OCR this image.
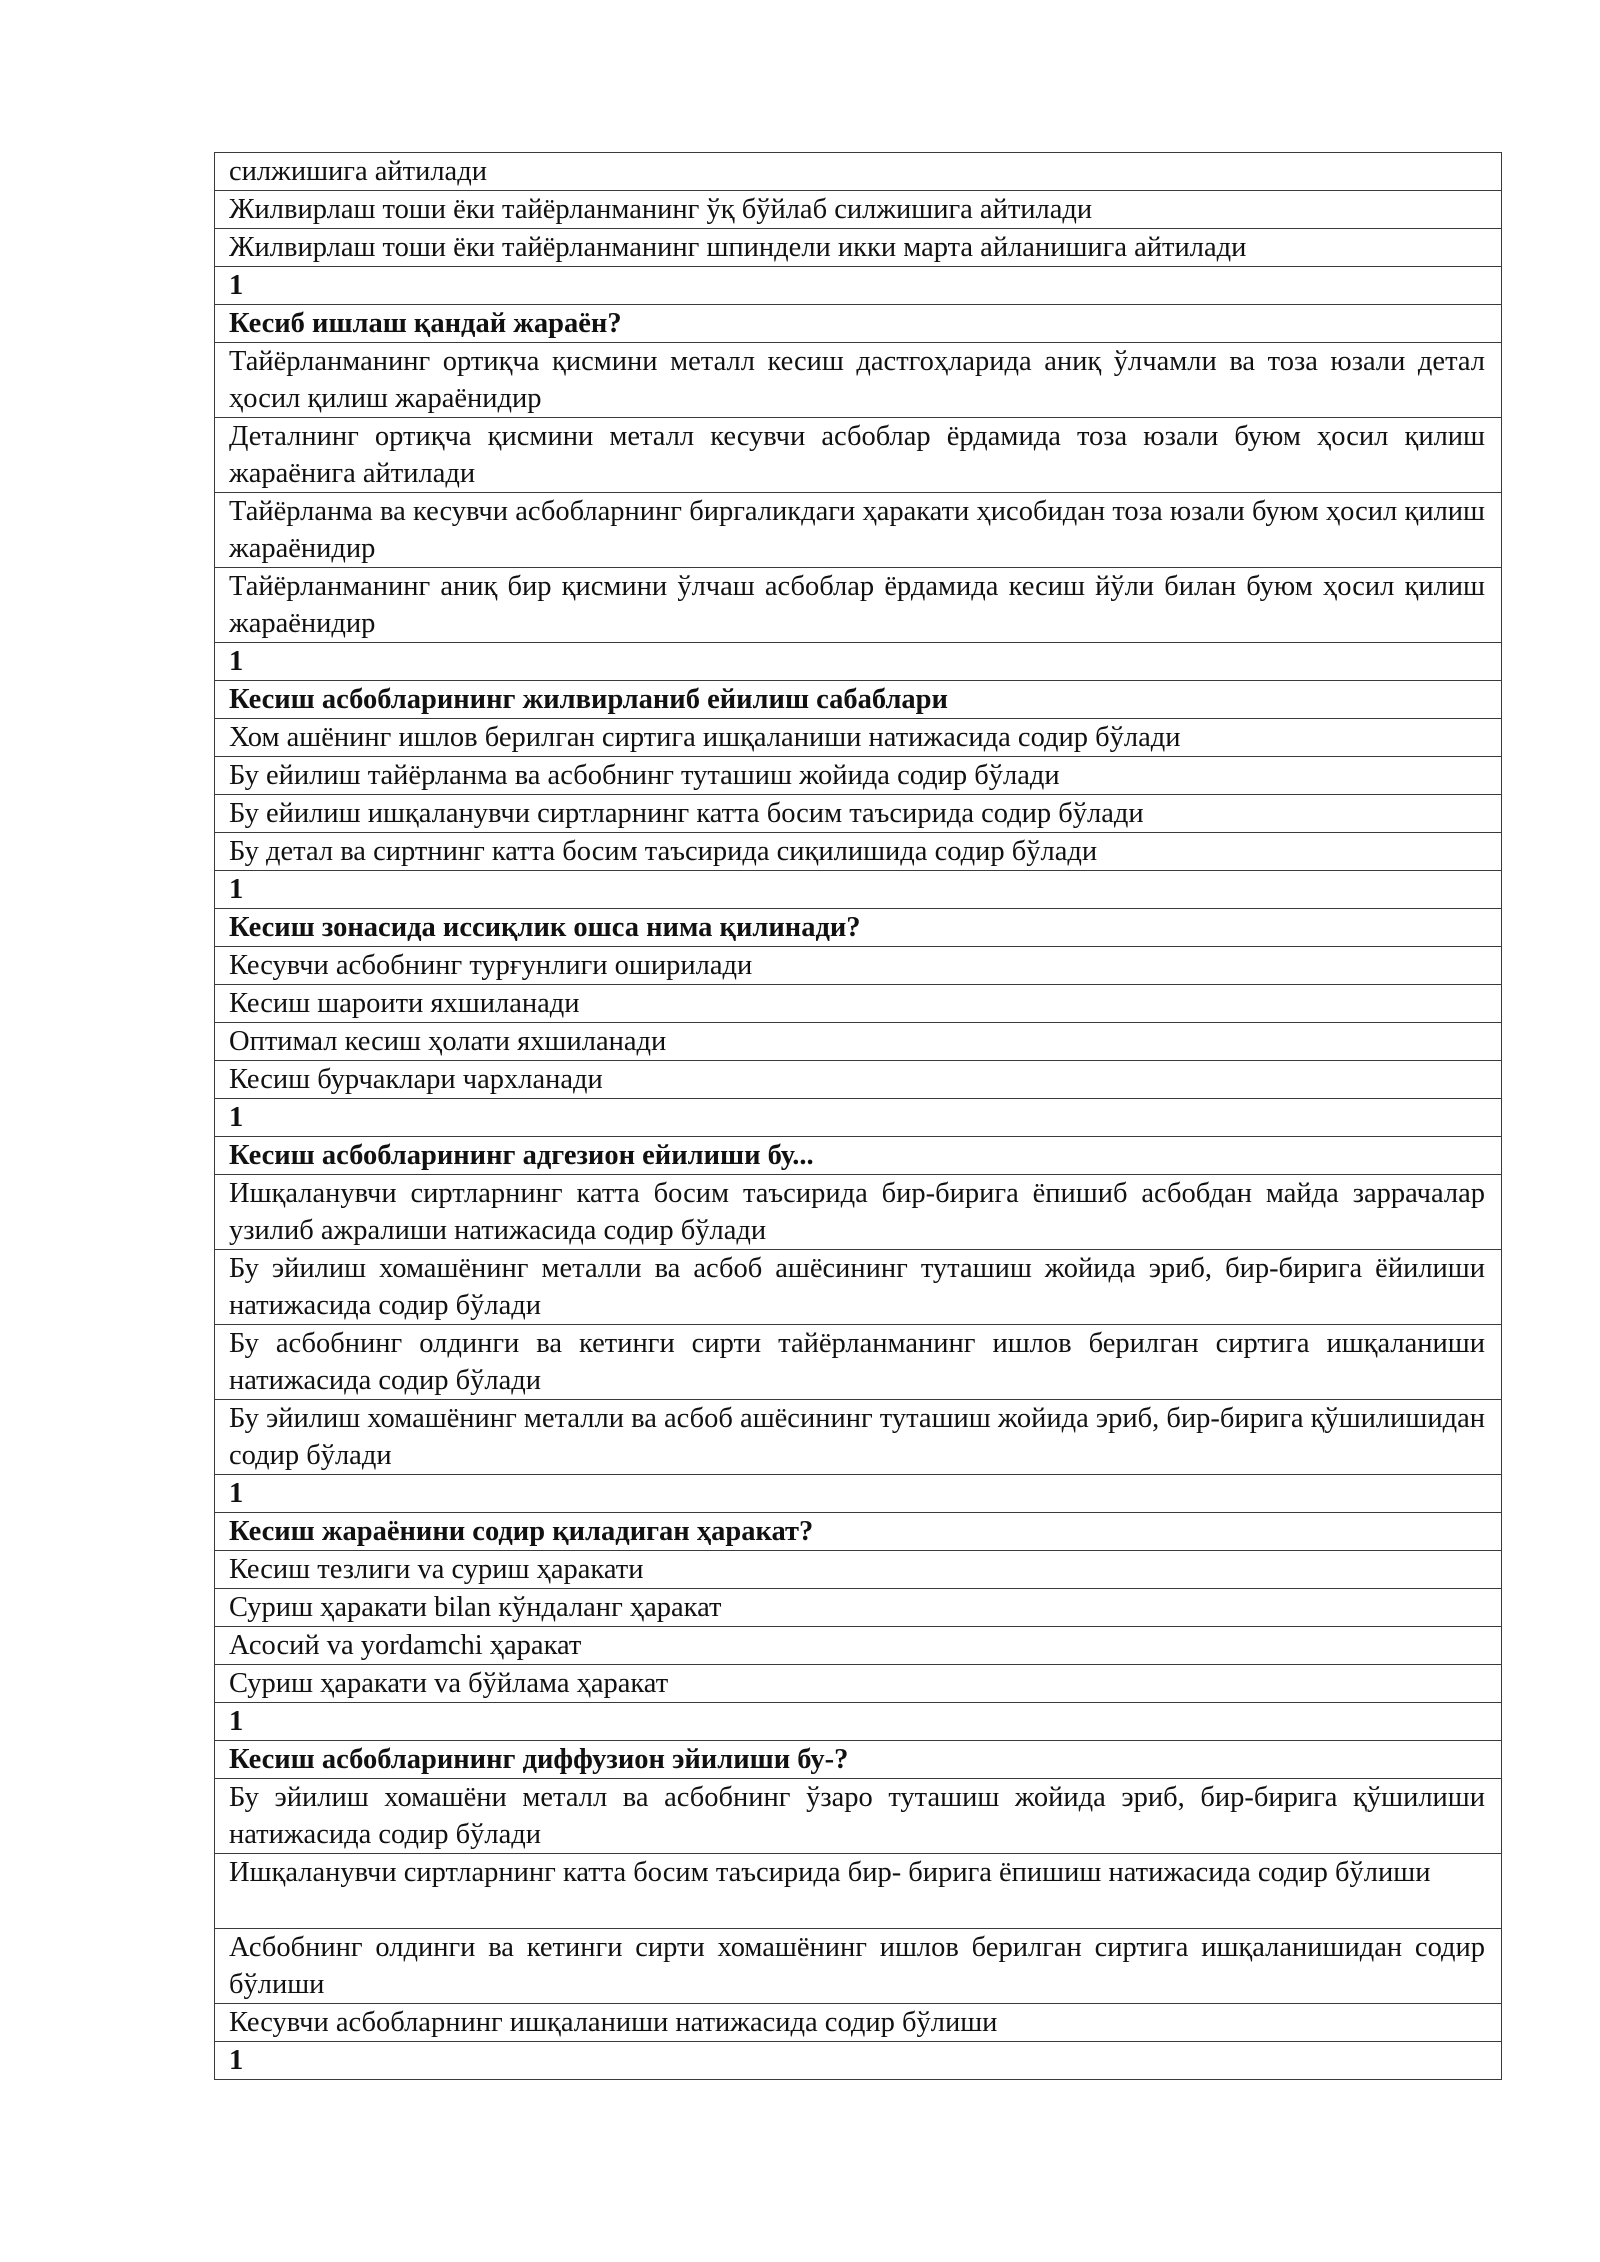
силжишига айтилади
Жилвирлаш тоши ёки тайёрланманинг ўқ бўйлаб силжишига айтилади
Жилвирлаш тоши ёки тайёрланманинг шпиндели икки марта айланишига айтилади
1
Кесиб ишлаш қандай жараён?
Тайёрланманинг ортиқча қисмини металл кесиш дастгоҳларида аниқ ўлчамли ва тоза юзали детал ҳосил қилиш жараёнидир
Деталнинг ортиқча қисмини металл кесувчи асбоблар ёрдамида тоза юзали буюм ҳосил қилиш жараёнига айтилади
Тайёрланма ва кесувчи асбобларнинг биргаликдаги ҳаракати ҳисобидан тоза юзали буюм ҳосил қилиш жараёнидир
Тайёрланманинг аниқ бир қисмини ўлчаш асбоблар ёрдамида кесиш йўли билан буюм ҳосил қилиш жараёнидир
1
Кесиш асбобларининг жилвирланиб ейилиш сабаблари
Хом ашёнинг ишлов берилган сиртига ишқаланиши натижасида содир бўлади
Бу ейилиш тайёрланма ва асбобнинг туташиш жойида содир бўлади
Бу ейилиш ишқаланувчи сиртларнинг катта босим таъсирида содир бўлади
Бу детал ва сиртнинг катта босим таъсирида сиқилишида содир бўлади
1
Кесиш зонасида иссиқлик ошса нима қилинади?
Кесувчи асбобнинг турғунлиги оширилади
Кесиш шароити яхшиланади
Оптимал кесиш ҳолати яхшиланади
Кесиш бурчаклари чархланади
1
Кесиш асбобларининг адгезион ейилиши бу...
Ишқаланувчи сиртларнинг катта босим таъсирида бир-бирига ёпишиб асбобдан майда заррачалар узилиб ажралиши натижасида содир бўлади
Бу эйилиш хомашёнинг металли ва асбоб ашёсининг туташиш жойида эриб, бир-бирига ёйилиши натижасида содир бўлади
Бу асбобнинг олдинги ва кетинги сирти тайёрланманинг ишлов берилган сиртига ишқаланиши натижасида содир бўлади
Бу эйилиш хомашёнинг металли ва асбоб ашёсининг туташиш жойида эриб, бир-бирига қўшилишидан содир бўлади
1
Кесиш жараёнини содир қиладиган ҳаракат?
Кесиш тезлиги va суриш ҳаракати
Суриш ҳаракати bilan кўндаланг ҳаракат
Асосий va yordamchi ҳаракат
Суриш ҳаракати va бўйлама ҳаракат
1
Кесиш асбобларининг диффузион эйилиши бу-?
Бу эйилиш хомашёни металл ва асбобнинг ўзаро туташиш жойида эриб, бир-бирига қўшилиши натижасида содир бўлади
Ишқаланувчи сиртларнинг катта босим таъсирида бир- бирига ёпишиш натижасида содир бўлиши
Асбобнинг олдинги ва кетинги сирти хомашёнинг ишлов берилган сиртига ишқаланишидан содир бўлиши
Кесувчи асбобларнинг ишқаланиши натижасида содир бўлиши
1
